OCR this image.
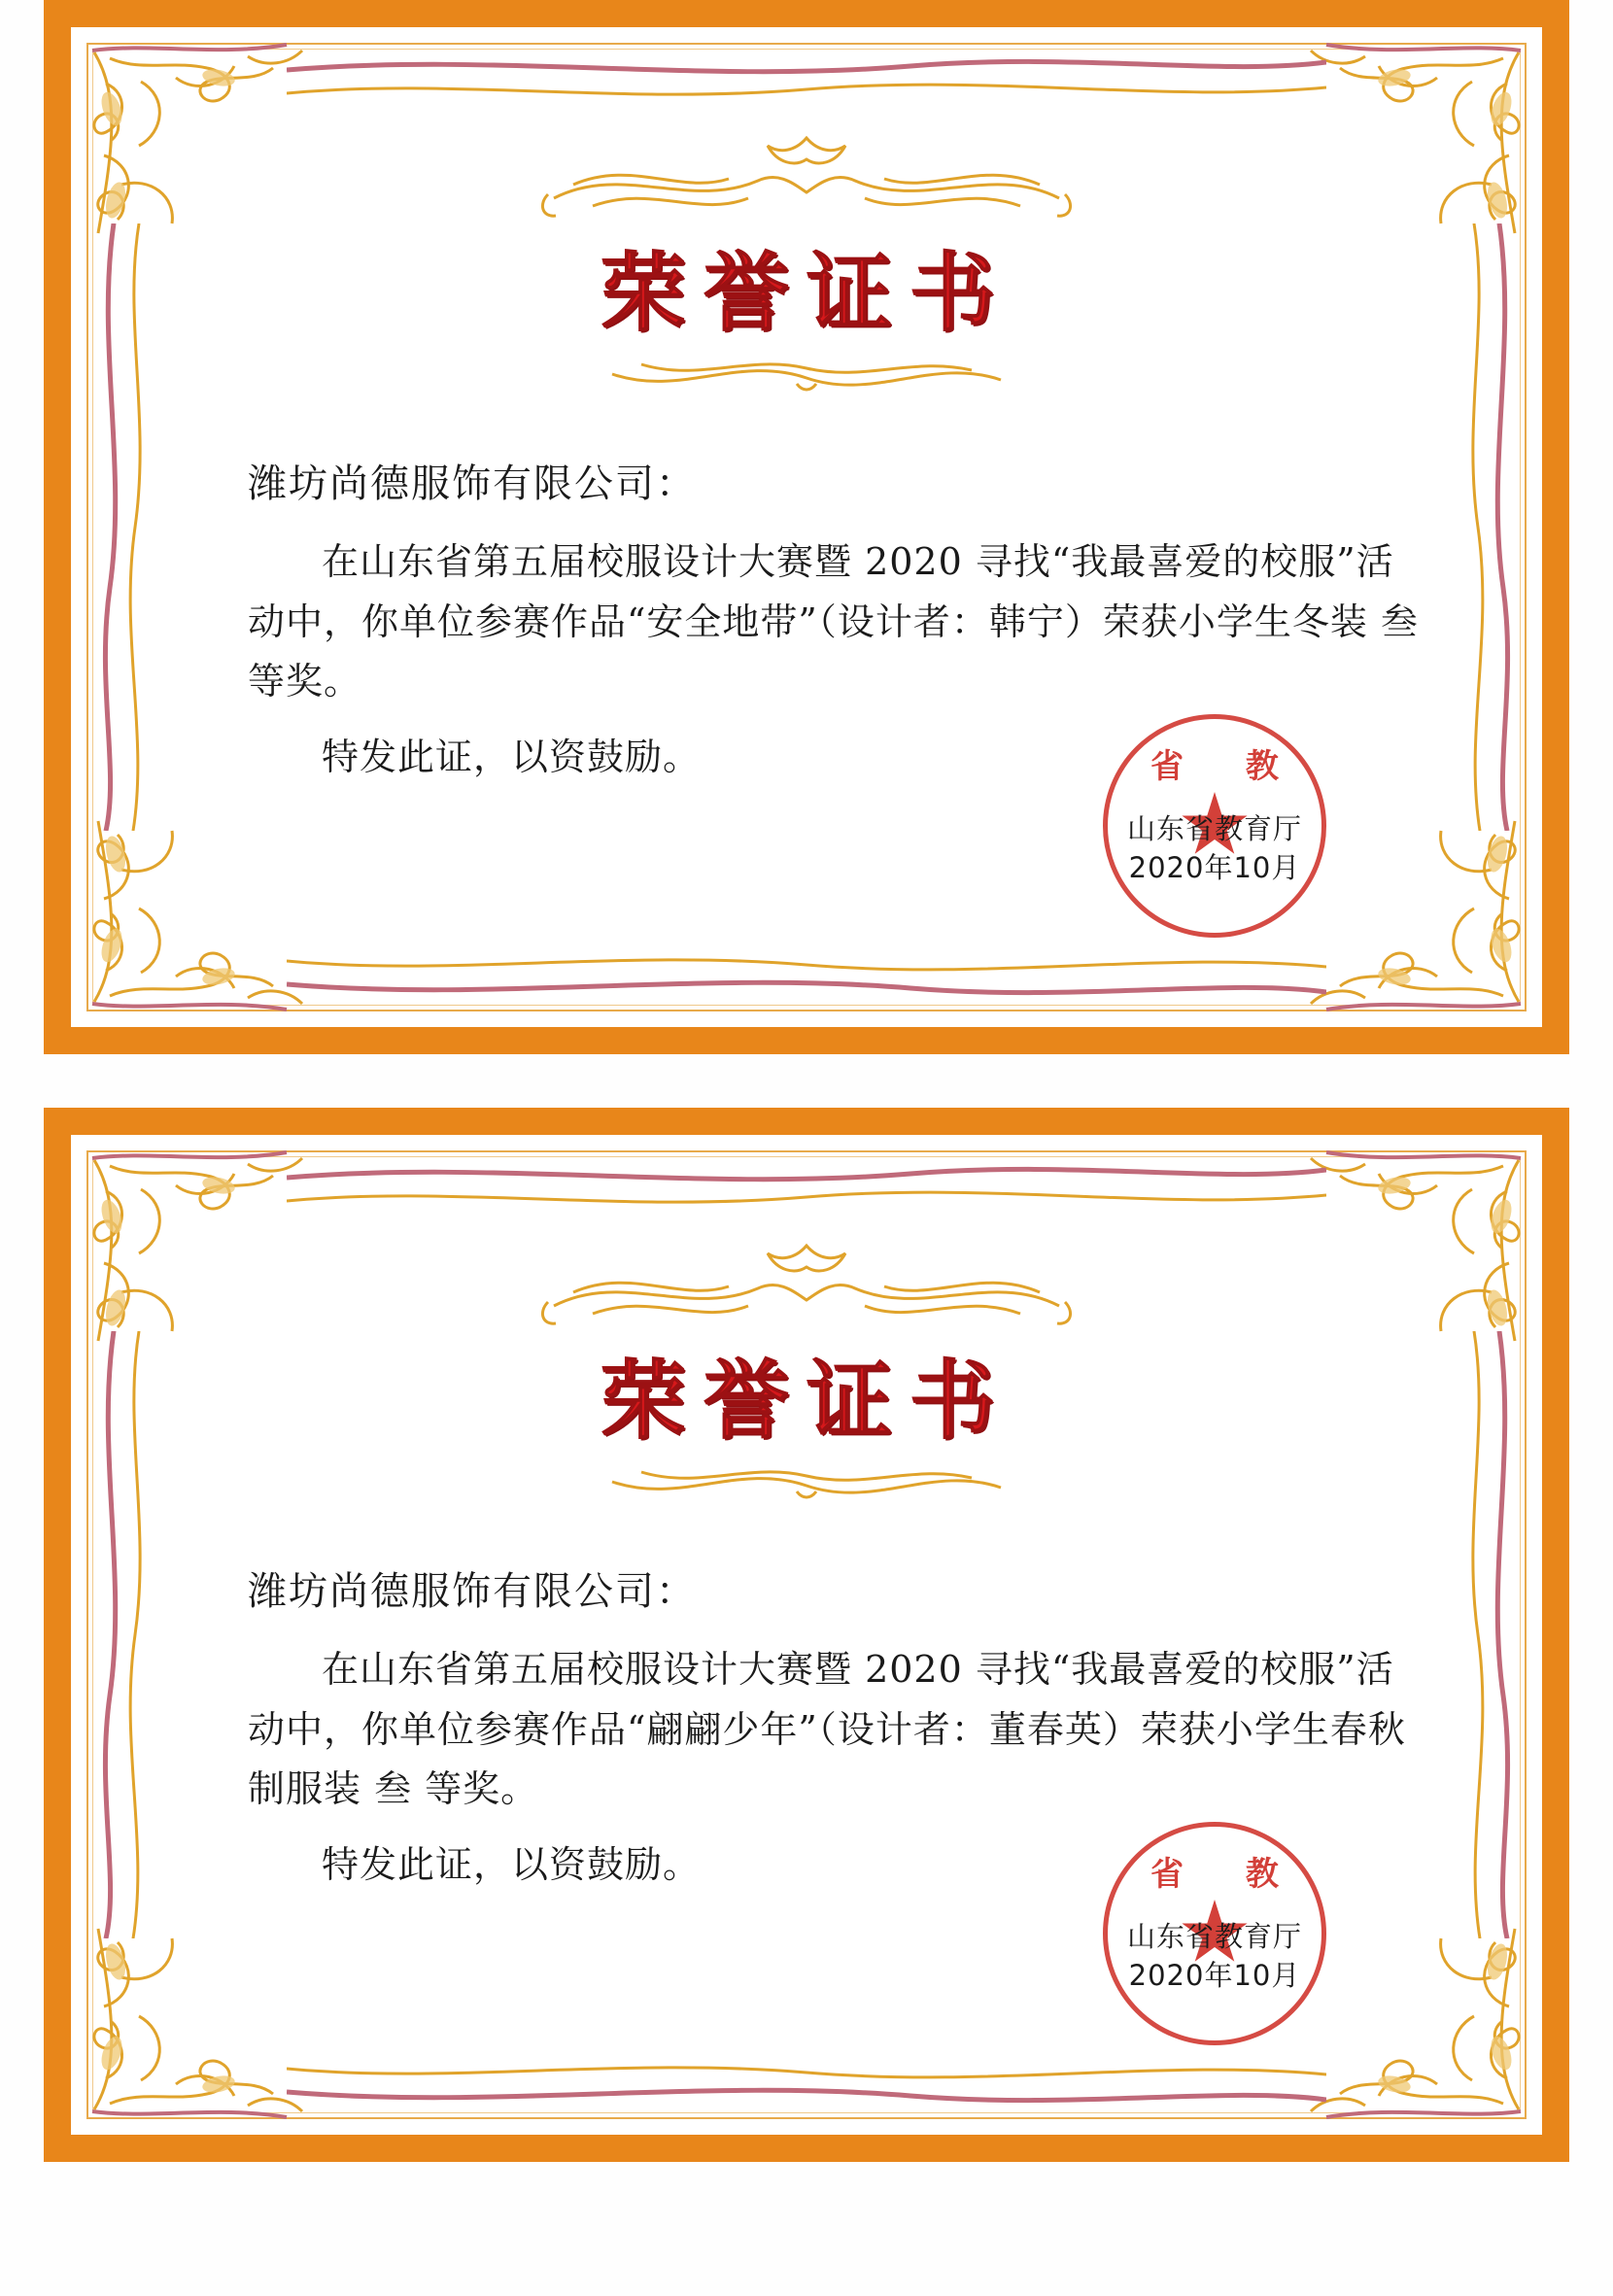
荣誉证书
潍坊尚德服饰有限公司：
在山东省第五届校服设计大赛暨 2020 寻找“我最喜爱的校服”活动中，你单位参赛作品“安全地带”（设计者：韩宁）荣获小学生冬装 叁 等奖。
特发此证，以资鼓励。	省 教
山东省教育厅
2020年10月
荣誉证书
潍坊尚德服饰有限公司：
在山东省第五届校服设计大赛暨 2020 寻找“我最喜爱的校服”活动中，你单位参赛作品“翩翩少年”（设计者：董春英）荣获小学生春秋制服装 叁 等奖。
特发此证，以资鼓励。	省 教
山东省教育厅
2020年10月
